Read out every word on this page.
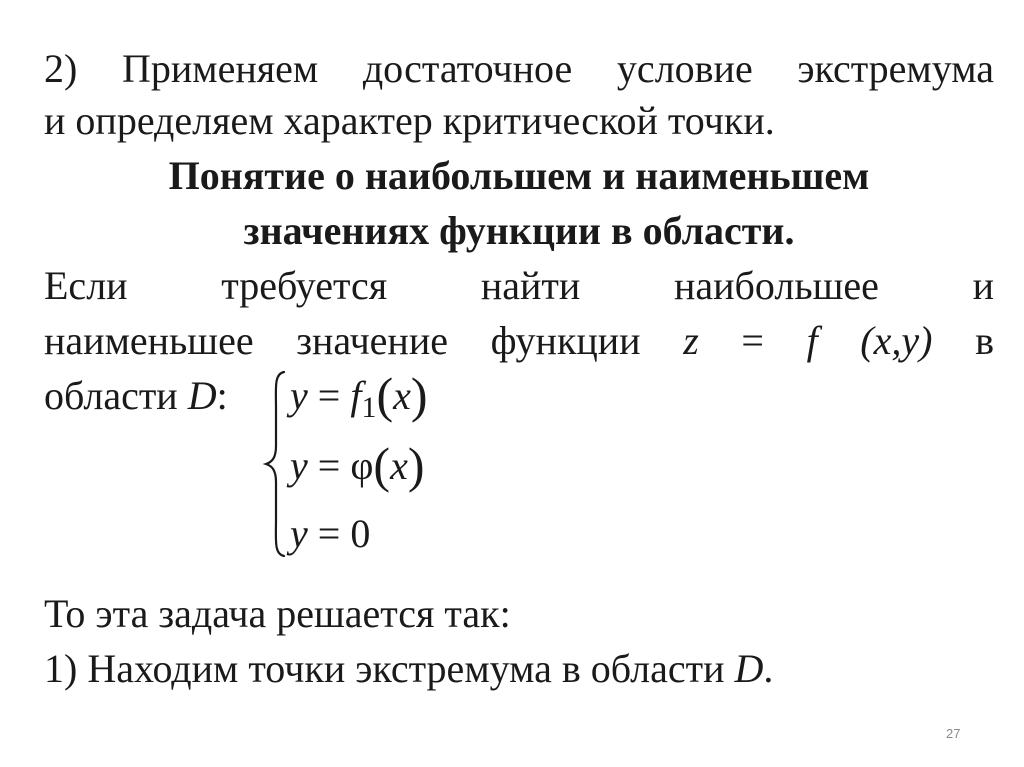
2) Применяем достаточное условие экстремума
и определяем характер критической точки.
Понятие о наибольшем и наименьшем
значениях функции в области.
Если требуется найти наибольшее и
наименьшее значение функции z = f (x,y) в
области D:	$y = f_1(x)$
y = φ(x)
y = 0
То эта задача решается так:
1) Находим точки экстремума в области D.
27
